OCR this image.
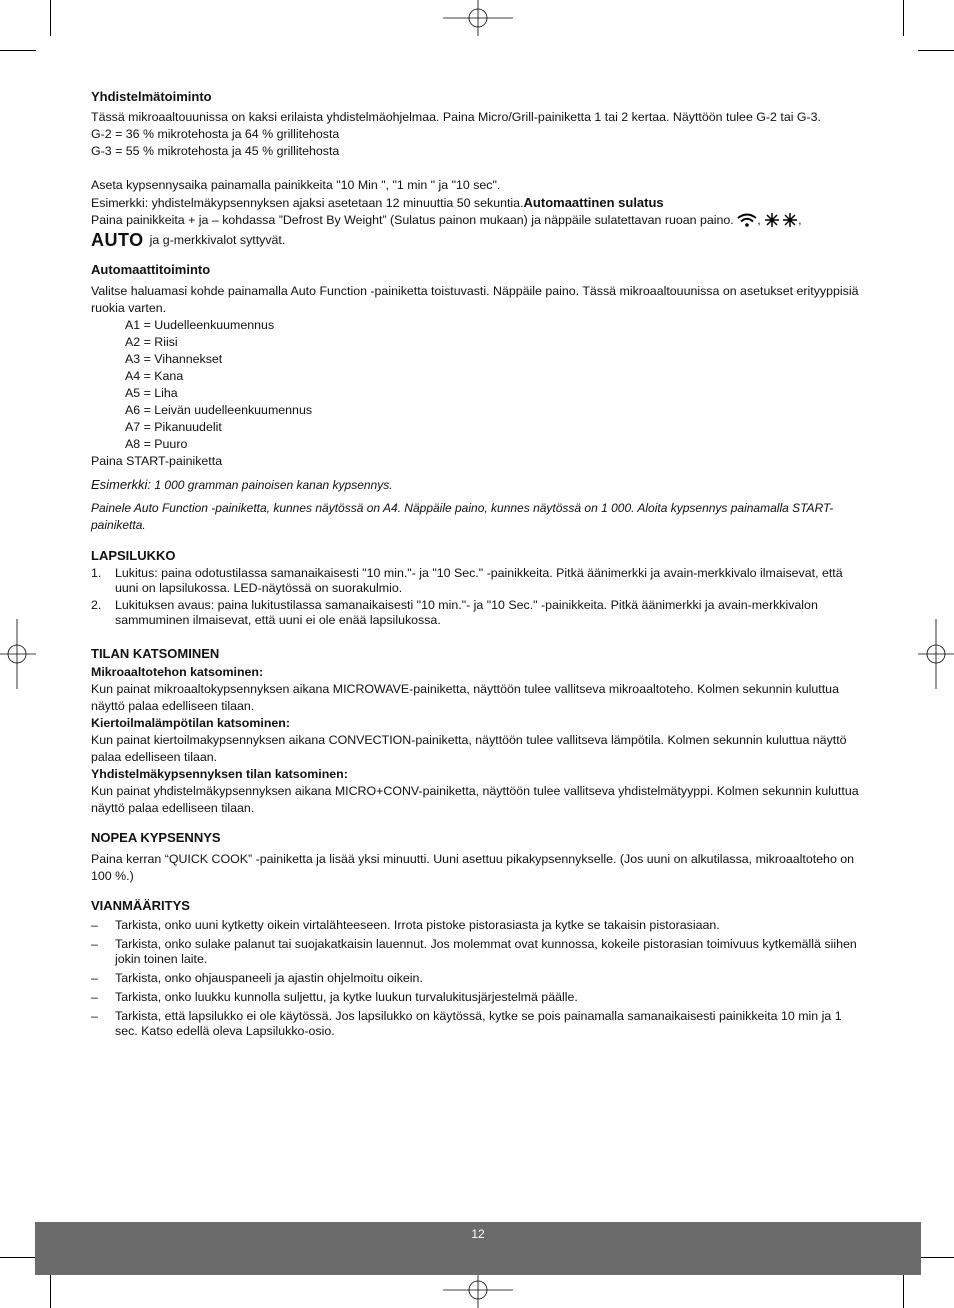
Yhdistelmätoiminto

Tässä mikroaaltouunissa on kaksi erilaista yhdistelmäohjelmaa. Paina Micro/Grill-painiketta 1 tai 2 kertaa. Näyttöön tulee G-2 tai G-3.

G-2 = 36 % mikrotehosta ja 64 % grillitehosta

G-3 = 55 % mikrotehosta ja 45 % grillitehosta

Aseta kypsennysaika painamalla painikkeita "10 Min ", "1 min " ja "10 sec".

Esimerkki: yhdistelmäkypsennyksen ajaksi asetetaan 12 minuuttia 50 sekuntia.Automaattinen sulatus

Paina painikkeita + ja – kohdassa ”Defrost By Weight” (Sulatus painon mukaan) ja näppäile sulatettavan ruoan paino. ,	,

AUTO ja g-merkkivalot syttyvät.

Automaattitoiminto

Valitse haluamasi kohde painamalla Auto Function -painiketta toistuvasti. Näppäile paino. Tässä mikroaaltouunissa on asetukset erityyppisiä ruokia varten.

A1 = Uudelleenkuumennus

A2 = Riisi

A3 = Vihannekset

A4 = Kana

A5 = Liha

A6 = Leivän uudelleenkuumennus

A7 = Pikanuudelit

A8 = Puuro

Paina START-painiketta

Esimerkki: 1 000 gramman painoisen kanan kypsennys.

Painele Auto Function -painiketta, kunnes näytössä on A4. Näppäile paino, kunnes näytössä on 1 000. Aloita kypsennys painamalla START-painiketta.

LAPSILUKKO
1. Lukitus: paina odotustilassa samanaikaisesti "10 min."- ja "10 Sec." -painikkeita. Pitkä äänimerkki ja avain-merkkivalo ilmaisevat, että uuni on lapsilukossa. LED-näytössä on suorakulmio.
2. Lukituksen avaus: paina lukitustilassa samanaikaisesti "10 min."- ja "10 Sec." -painikkeita. Pitkä äänimerkki ja avain-merkkivalon sammuminen ilmaisevat, että uuni ei ole enää lapsilukossa.
TILAN KATSOMINEN
Mikroaaltotehon katsominen:

Kun painat mikroaaltokypsennyksen aikana MICROWAVE-painiketta, näyttöön tulee vallitseva mikroaaltoteho. Kolmen sekunnin kuluttua näyttö palaa edelliseen tilaan.

Kiertoilmalämpötilan katsominen:

Kun painat kiertoilmakypsennyksen aikana CONVECTION-painiketta, näyttöön tulee vallitseva lämpötila. Kolmen sekunnin kuluttua näyttö palaa edelliseen tilaan.

Yhdistelmäkypsennyksen tilan katsominen:

Kun painat yhdistelmäkypsennyksen aikana MICRO+CONV-painiketta, näyttöön tulee vallitseva yhdistelmätyyppi. Kolmen sekunnin kuluttua näyttö palaa edelliseen tilaan.

NOPEA KYPSENNYS

Paina kerran “QUICK COOK” -painiketta ja lisää yksi minuutti. Uuni asettuu pikakypsennykselle. (Jos uuni on alkutilassa, mikroaaltoteho on 100 %.)

VIANMÄÄRITYS
– Tarkista, onko uuni kytketty oikein virtalähteeseen. Irrota pistoke pistorasiasta ja kytke se takaisin pistorasiaan.
– Tarkista, onko sulake palanut tai suojakatkaisin lauennut. Jos molemmat ovat kunnossa, kokeile pistorasian toimivuus kytkemällä siihen jokin toinen laite.
– Tarkista, onko ohjauspaneeli ja ajastin ohjelmoitu oikein.
– Tarkista, onko luukku kunnolla suljettu, ja kytke luukun turvalukitusjärjestelmä päälle.
– Tarkista, että lapsilukko ei ole käytössä. Jos lapsilukko on käytössä, kytke se pois painamalla samanaikaisesti painikkeita 10 min ja 1 sec. Katso edellä oleva Lapsilukko-osio.
12
